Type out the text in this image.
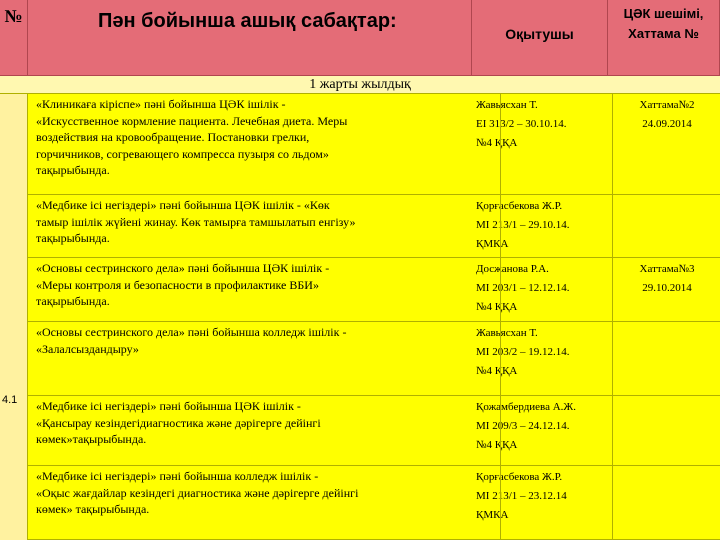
№	Пән бойынша ашық сабақтар:
Оқытушы
ЦӘК шешімі,
Хаттама №
1 жарты жылдық
4.1
«Клиникаға кіріспе» пәні бойынша ЦӘК ішілік -
«Искусственное кормление пациента. Лечебная диета. Меры
воздействия на кровообращение. Постановки грелки,
горчичников, согревающего компресса пузыря со льдом»
тақырыбында.
Жавьясхан Т.
ЕІ 313/2 – 30.10.14.
№4 ҚҚА
Хаттама№2
24.09.2014
«Медбике ісі негіздері» пәні бойынша ЦӘК ішілік - «Көк
тамыр ішілік жүйені жинау. Көк тамырға тамшылатып енгізу»
тақырыбында.
Қорғасбекова Ж.Р.
МІ 213/1 – 29.10.14.
ҚМКА
«Основы сестринского дела» пәні бойынша ЦӘК ішілік -
«Меры контроля и безопасности в профилактике ВБИ»
тақырыбында.
Досжанова Р.А.
МІ 203/1 – 12.12.14.
№4 ҚҚА
Хаттама№3
29.10.2014
«Основы сестринского дела» пәні бойынша колледж ішілік -
«Залалсыздандыру»
Жавьясхан Т.
МІ 203/2 – 19.12.14.
№4 ҚҚА
«Медбике ісі негіздері» пәні бойынша ЦӘК ішілік -
«Қансырау кезіндегідиагностика және дәрігерге дейінгі
көмек»тақырыбында.
Қожамбердиева А.Ж.
МІ 209/3 – 24.12.14.
№4 ҚҚА
«Медбике ісі негіздері» пәні бойынша колледж ішілік -
«Оқыс жағдайлар кезіндегі диагностика және дәрігерге дейінгі
көмек» тақырыбында.
Қорғасбекова Ж.Р.
МІ 213/1 – 23.12.14
ҚМКА
